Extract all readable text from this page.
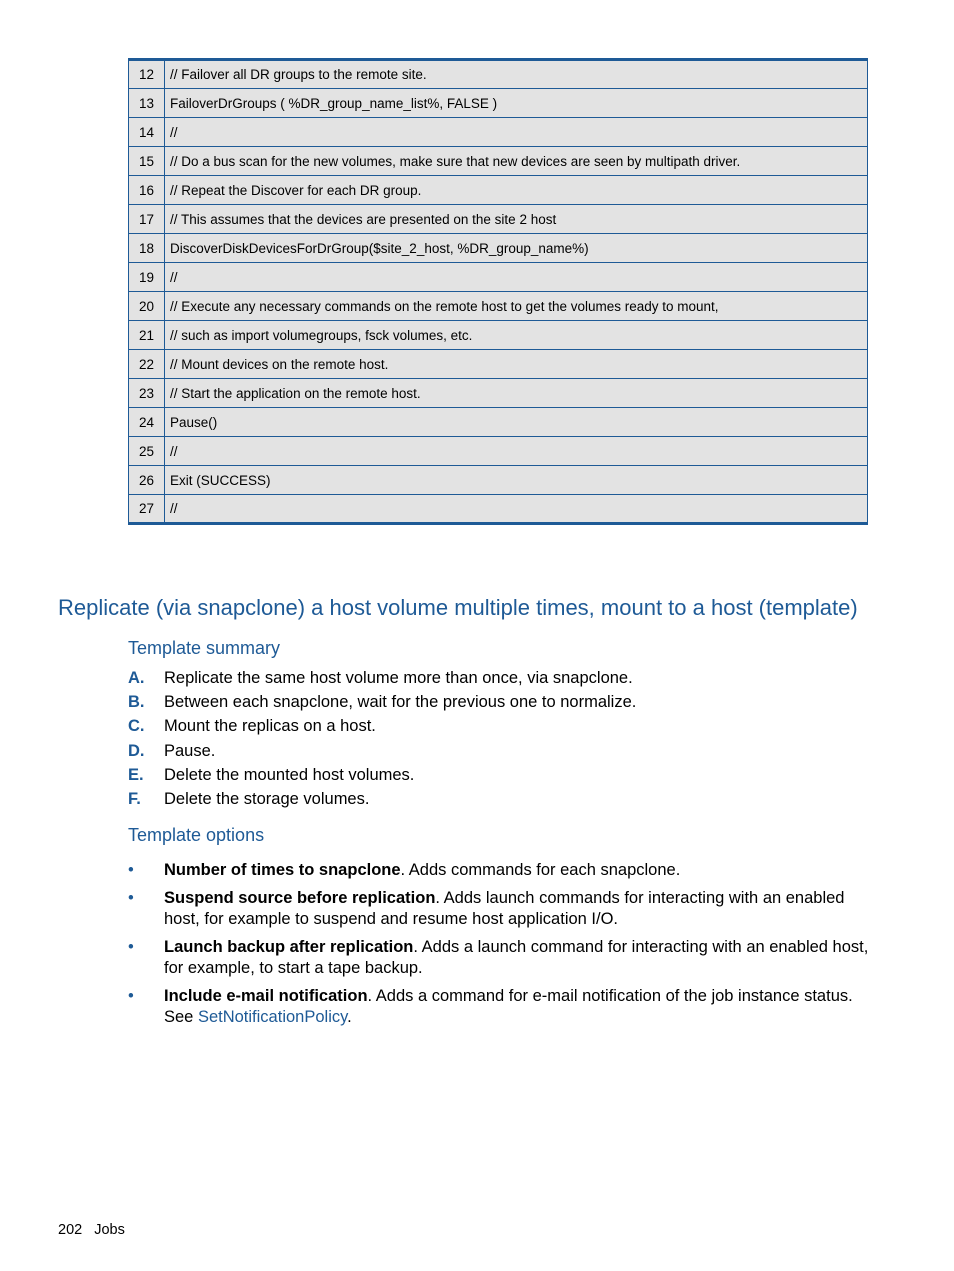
12	// Failover all DR groups to the remote site.
13	FailoverDrGroups ( %DR_group_name_list%, FALSE )
14	//
15	// Do a bus scan for the new volumes, make sure that new devices are seen by multipath driver.
16	// Repeat the Discover for each DR group.
17	// This assumes that the devices are presented on the site 2 host
18	DiscoverDiskDevicesForDrGroup($site_2_host, %DR_group_name%)
19	//
20	// Execute any necessary commands on the remote host to get the volumes ready to mount,
21	// such as import volumegroups, fsck volumes, etc.
22	// Mount devices on the remote host.
23	// Start the application on the remote host.
24	Pause()
25	//
26	Exit (SUCCESS)
27	//
Replicate (via snapclone) a host volume multiple times, mount to a host (template)
Template summary
A. Replicate the same host volume more than once, via snapclone.
B. Between each snapclone, wait for the previous one to normalize.
C. Mount the replicas on a host.
D. Pause.
E. Delete the mounted host volumes.
F. Delete the storage volumes.
Template options
• Number of times to snapclone. Adds commands for each snapclone.
• Suspend source before replication. Adds launch commands for interacting with an enabled host, for example to suspend and resume host application I/O.
• Launch backup after replication. Adds a launch command for interacting with an enabled host, for example, to start a tape backup.
• Include e-mail notification. Adds a command for e-mail notification of the job instance status. See SetNotificationPolicy.
202 Jobs
